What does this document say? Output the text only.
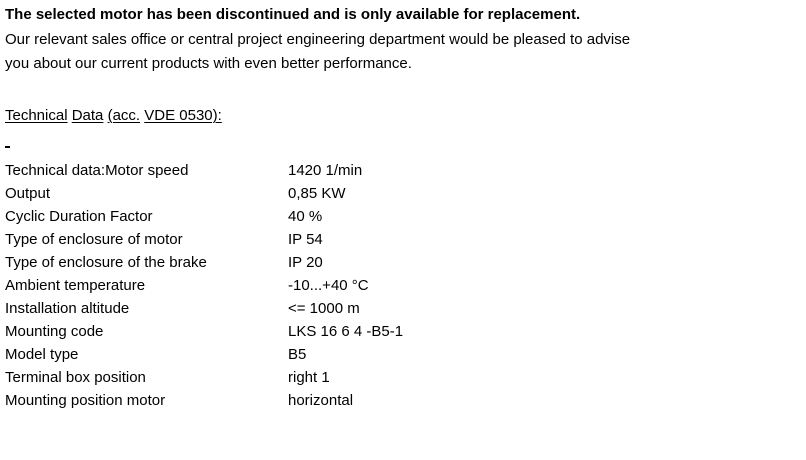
The selected motor has been discontinued and is only available for replacement.
Our relevant sales office or central project engineering department would be pleased to advise
you about our current products with even better performance.
Technical Data (acc. VDE 0530):
Technical data:Motor speed	1420 1/min
Output	0,85 KW
Cyclic Duration Factor	40 %
Type of enclosure of motor	IP 54
Type of enclosure of the brake	IP 20
Ambient temperature	-10...+40 °C
Installation altitude	<= 1000 m
Mounting code	LKS 16 6 4 -B5-1
Model type	B5
Terminal box position	right 1
Mounting position motor	horizontal
